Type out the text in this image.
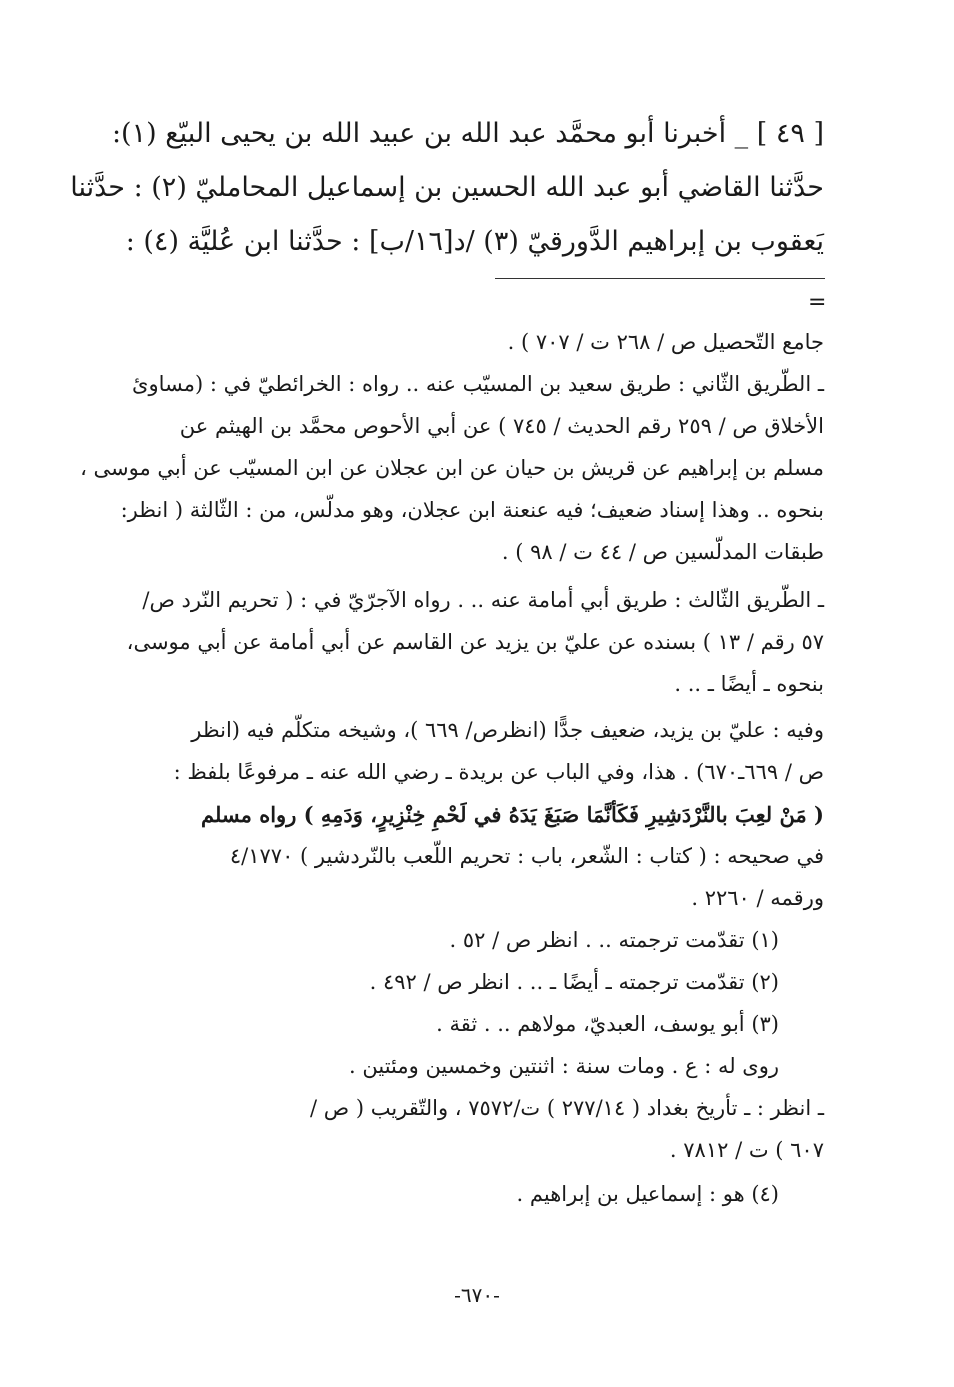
[ ٤٩ ] _ أخبرنا أبو محمَّد عبد الله بن عبيد الله بن يحيى البيّع (١):
حدَّثنا القاضي أبو عبد الله الحسين بن إسماعيل المحامليّ (٢) : حدَّثنا
يَعقوب بن إبراهيم الدَّورقيّ (٣) /د[١٦/ب] : حدَّثنا ابن عُليَّة (٤) :
=
جامع التّحصيل ص / ٢٦٨ ت / ٧٠٧ ) .
ـ الطّريق الثّاني : طريق سعيد بن المسيّب عنه .. رواه : الخرائطيّ في : (مساوئ
الأخلاق ص / ٢٥٩ رقم الحديث / ٧٤٥ ) عن أبي الأحوص محمَّد بن الهيثم عن
مسلم بن إبراهيم عن قريش بن حيان عن ابن عجلان عن ابن المسيّب عن أبي موسى ،
بنحوه .. وهذا إسناد ضعيف؛ فيه عنعنة ابن عجلان، وهو مدلّس، من : الثّالثة ( انظر:
طبقات المدلّسين ص / ٤٤ ت / ٩٨ ) .
ـ الطّريق الثّالث : طريق أبي أمامة عنه .. . رواه الآجرّيّ في : ( تحريم النّرد ص/
٥٧ رقم / ١٣ ) بسنده عن عليّ بن يزيد عن القاسم عن أبي أمامة عن أبي موسى،
بنحوه ـ أيضًا ـ .. .
وفيه : عليّ بن يزيد، ضعيف جدًّا (انظرص/ ٦٦٩ )، وشيخه متكلّم فيه (انظر
ص / ٦٦٩ـ٦٧٠) . هذا، وفي الباب عن بريدة ـ رضي الله عنه ـ مرفوعًا بلفظ :
( مَنْ لعِبَ بالنَّرْدَشِيرِ فَكَأنَّمَا صَبَغَ يَدَهُ في لَحْمِ خِنْزِيرٍ، وَدَمِهِ ) رواه مسلم
في صحيحه : ( كتاب : الشّعر، باب : تحريم اللّعب بالنّردشير ) ٤/١٧٧٠
ورقمه / ٢٢٦٠ .
(١) تقدّمت ترجمته .. . انظر ص / ٥٢ .
(٢) تقدّمت ترجمته ـ أيضًا ـ .. . انظر ص / ٤٩٢ .
(٣) أبو يوسف، العبديّ، مولاهم .. . ثقة .
روى له : ع . ومات سنة : اثنتين وخمسين ومئتين .
ـ انظر : ـ تأريخ بغداد ( ٢٧٧/١٤ ) ت/٧٥٧٢ ، والتّقريب ( ص /
٦٠٧ ) ت / ٧٨١٢ .
(٤) هو : إسماعيل بن إبراهيم .
-٦٧٠-
